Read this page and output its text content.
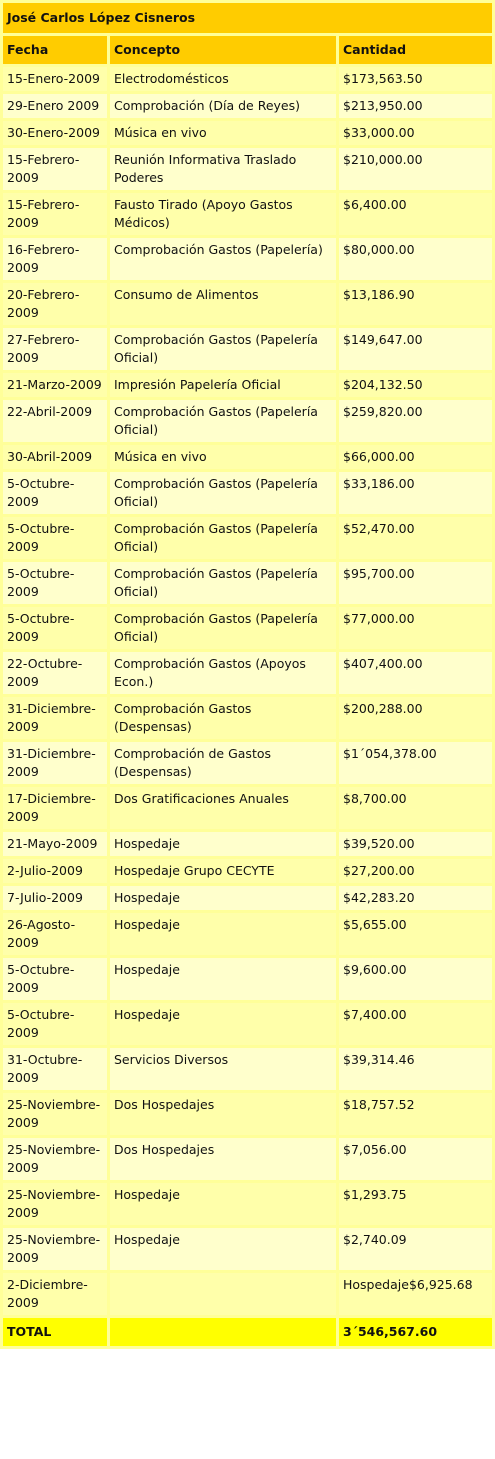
José Carlos López Cisneros		
Fecha	Concepto	Cantidad
15-Enero-2009	Electrodomésticos	$173,563.50
29-Enero 2009	Comprobación (Día de Reyes)	$213,950.00
30-Enero-2009	Música en vivo	$33,000.00
15-Febrero-2009	Reunión Informativa Traslado Poderes	$210,000.00
15-Febrero-2009	Fausto Tirado (Apoyo Gastos Médicos)	$6,400.00
16-Febrero-2009	Comprobación Gastos (Papelería)	$80,000.00
20-Febrero-2009	Consumo de Alimentos	$13,186.90
27-Febrero-2009	Comprobación Gastos (Papelería Oficial)	$149,647.00
21-Marzo-2009	Impresión Papelería Oficial	$204,132.50
22-Abril-2009	Comprobación Gastos (Papelería Oficial)	$259,820.00
30-Abril-2009	Música en vivo	$66,000.00
5-Octubre-2009	Comprobación Gastos (Papelería Oficial)	$33,186.00
5-Octubre-2009	Comprobación Gastos (Papelería Oficial)	$52,470.00
5-Octubre-2009	Comprobación Gastos (Papelería Oficial)	$95,700.00
5-Octubre-2009	Comprobación Gastos (Papelería Oficial)	$77,000.00
22-Octubre-2009	Comprobación Gastos (Apoyos Econ.)	$407,400.00
31-Diciembre-2009	Comprobación Gastos (Despensas)	$200,288.00
31-Diciembre-2009	Comprobación de Gastos (Despensas)	$1´054,378.00
17-Diciembre-2009	Dos Gratificaciones Anuales	$8,700.00
21-Mayo-2009	Hospedaje	$39,520.00
2-Julio-2009	Hospedaje Grupo CECYTE	$27,200.00
7-Julio-2009	Hospedaje	$42,283.20
26-Agosto-2009	Hospedaje	$5,655.00
5-Octubre-2009	Hospedaje	$9,600.00
5-Octubre-2009	Hospedaje	$7,400.00
31-Octubre-2009	Servicios Diversos	$39,314.46
25-Noviembre-2009	Dos Hospedajes	$18,757.52
25-Noviembre-2009	Dos Hospedajes	$7,056.00
25-Noviembre-2009	Hospedaje	$1,293.75
25-Noviembre-2009	Hospedaje	$2,740.09
2-Diciembre-2009		Hospedaje$6,925.68
TOTAL		3´546,567.60
